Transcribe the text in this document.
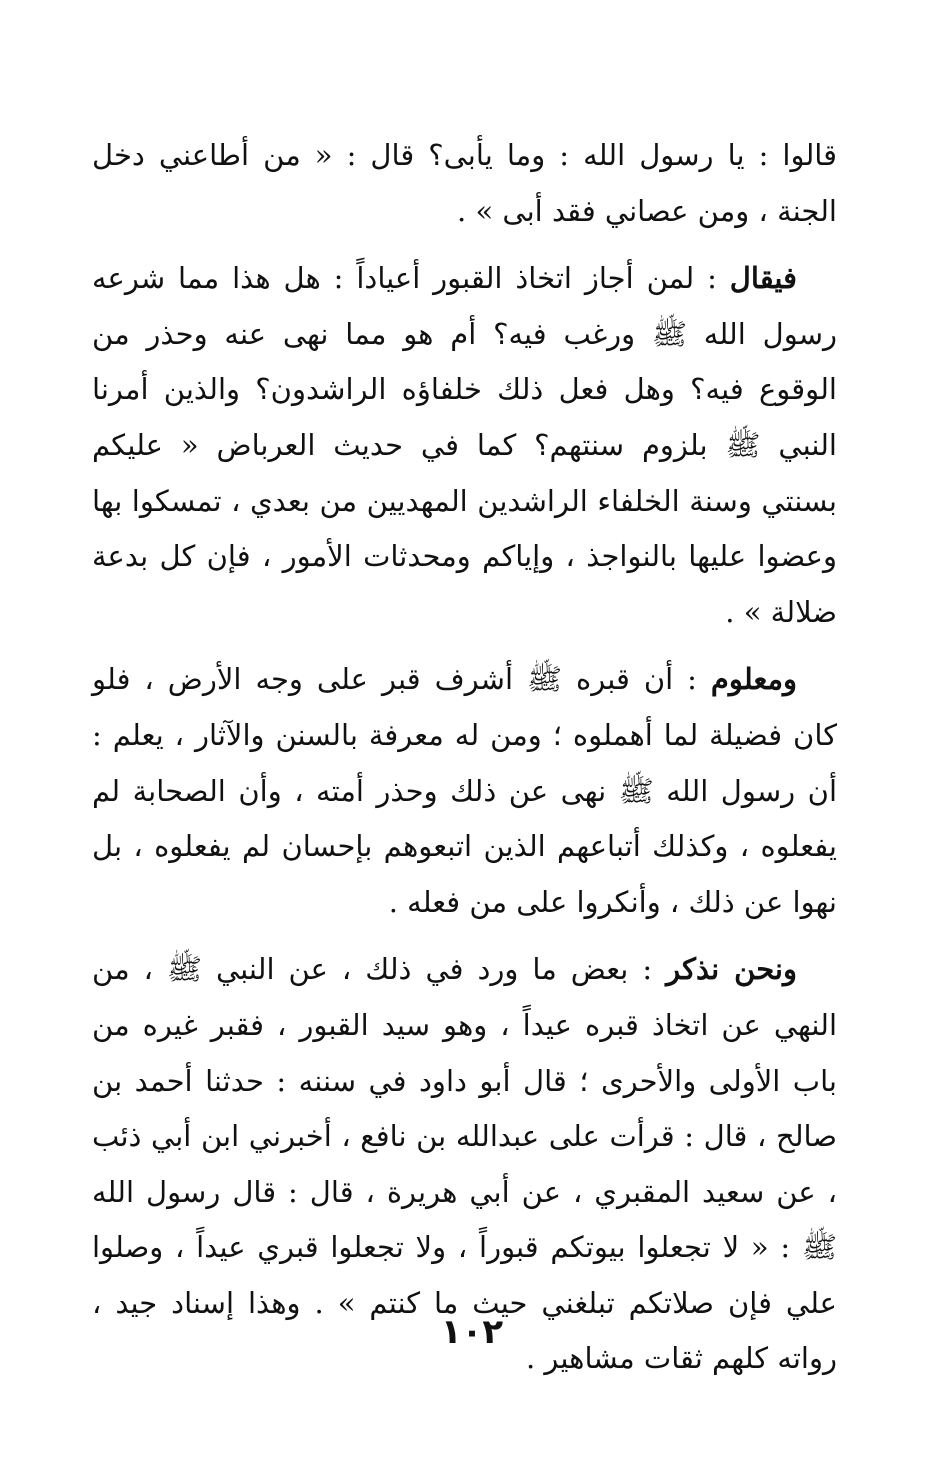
قالوا : يا رسول الله : وما يأبى؟ قال : « من أطاعني دخل الجنة ، ومن عصاني فقد أبى » .

فيقال : لمن أجاز اتخاذ القبور أعياداً : هل هذا مما شرعه رسول الله ﷺ ورغب فيه؟ أم هو مما نهى عنه وحذر من الوقوع فيه؟ وهل فعل ذلك خلفاؤه الراشدون؟ والذين أمرنا النبي ﷺ بلزوم سنتهم؟ كما في حديث العرباض « عليكم بسنتي وسنة الخلفاء الراشدين المهديين من بعدي ، تمسكوا بها وعضوا عليها بالنواجذ ، وإياكم ومحدثات الأمور ، فإن كل بدعة ضلالة » .

ومعلوم : أن قبره ﷺ أشرف قبر على وجه الأرض ، فلو كان فضيلة لما أهملوه ؛ ومن له معرفة بالسنن والآثار ، يعلم : أن رسول الله ﷺ نهى عن ذلك وحذر أمته ، وأن الصحابة لم يفعلوه ، وكذلك أتباعهم الذين اتبعوهم بإحسان لم يفعلوه ، بل نهوا عن ذلك ، وأنكروا على من فعله .

ونحن نذكر : بعض ما ورد في ذلك ، عن النبي ﷺ ، من النهي عن اتخاذ قبره عيداً ، وهو سيد القبور ، فقبر غيره من باب الأولى والأحرى ؛ قال أبو داود في سننه : حدثنا أحمد بن صالح ، قال : قرأت على عبدالله بن نافع ، أخبرني ابن أبي ذئب ، عن سعيد المقبري ، عن أبي هريرة ، قال : قال رسول الله ﷺ : « لا تجعلوا بيوتكم قبوراً ، ولا تجعلوا قبري عيداً ، وصلوا علي فإن صلاتكم تبلغني حيث ما كنتم » . وهذا إسناد جيد ، رواته كلهم ثقات مشاهير .

١٠٢
